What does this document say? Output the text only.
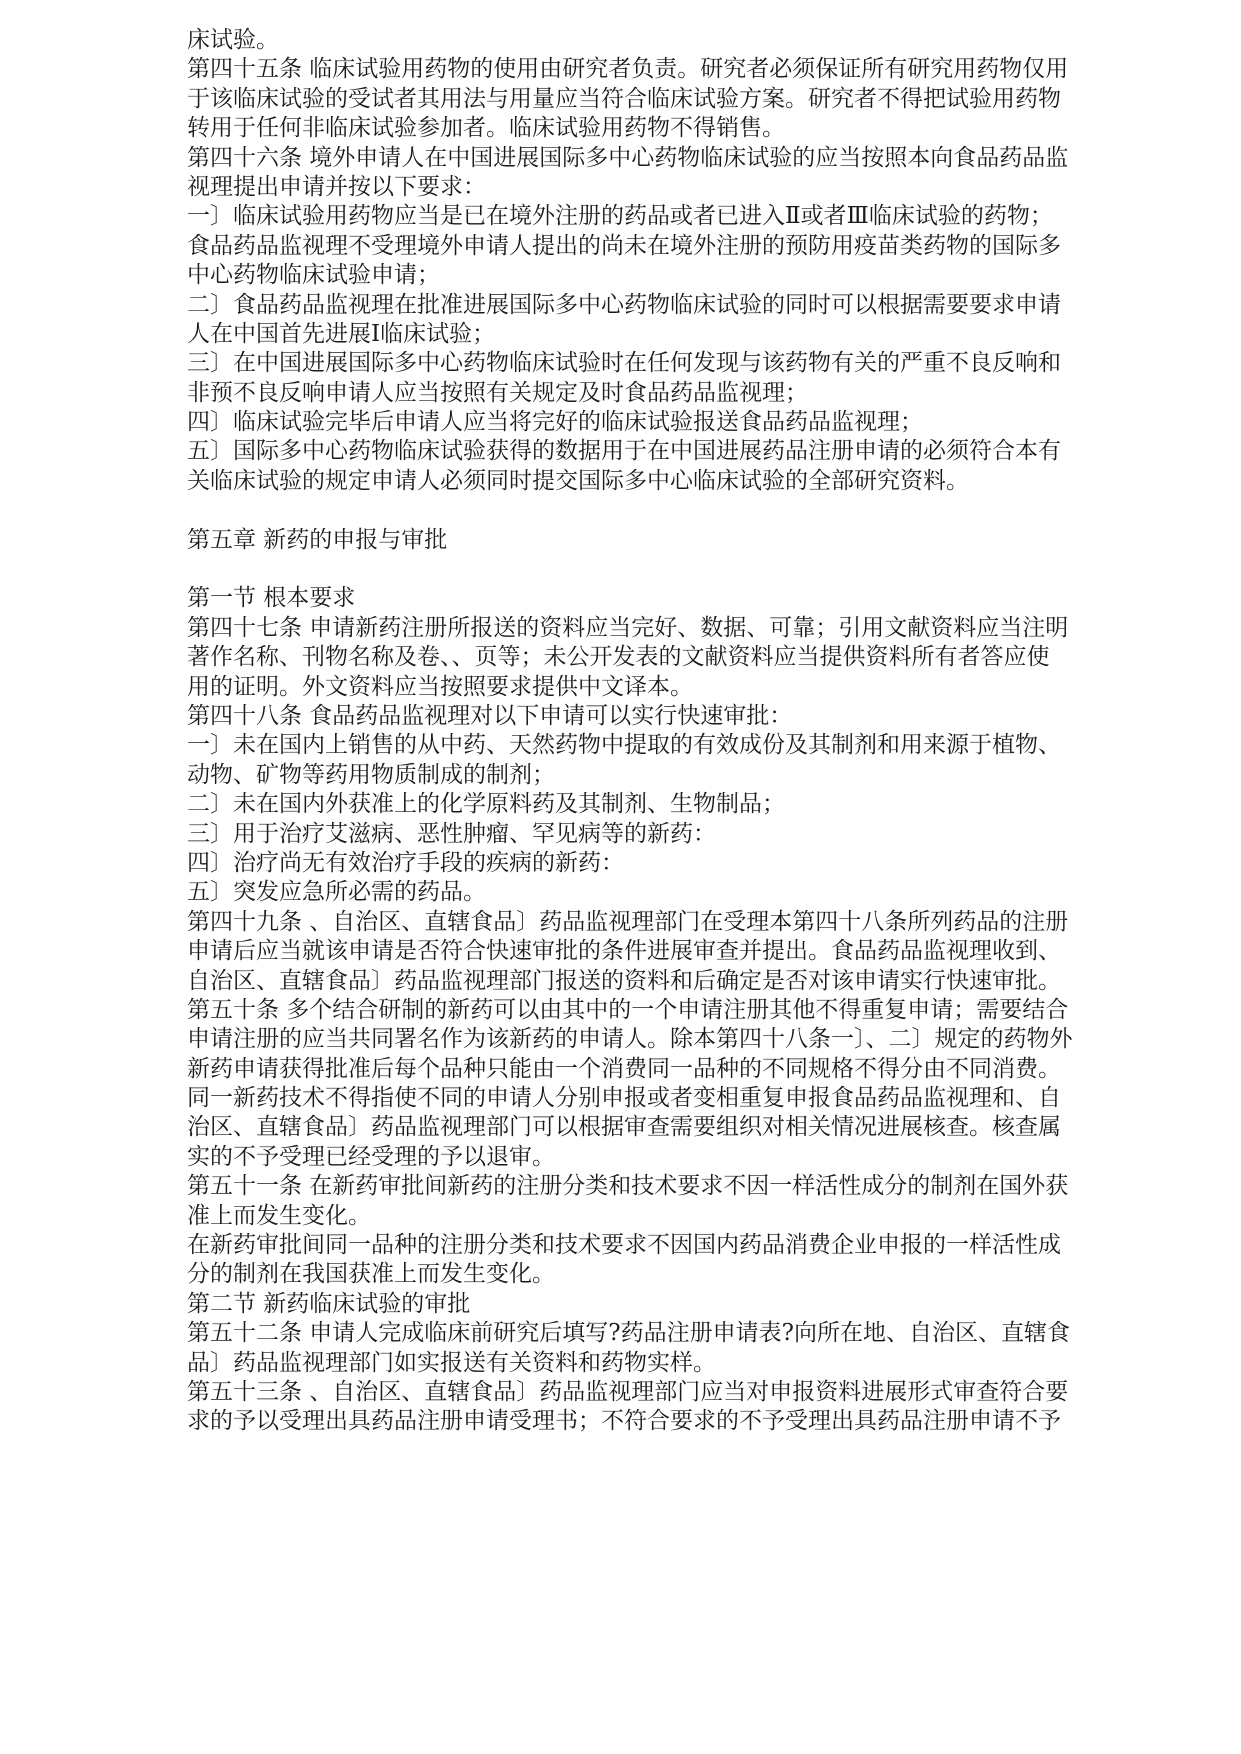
床试验。
第四十五条 临床试验用药物的使用由研究者负责。研究者必须保证所有研究用药物仅用
于该临床试验的受试者其用法与用量应当符合临床试验方案。研究者不得把试验用药物
转用于任何非临床试验参加者。临床试验用药物不得销售。
第四十六条 境外申请人在中国进展国际多中心药物临床试验的应当按照本向食品药品监
视理提出申请并按以下要求：
一〕临床试验用药物应当是已在境外注册的药品或者已进入Ⅱ或者Ⅲ临床试验的药物；
食品药品监视理不受理境外申请人提出的尚未在境外注册的预防用疫苗类药物的国际多
中心药物临床试验申请；
二〕食品药品监视理在批准进展国际多中心药物临床试验的同时可以根据需要要求申请
人在中国首先进展Ⅰ临床试验；
三〕在中国进展国际多中心药物临床试验时在任何发现与该药物有关的严重不良反响和
非预不良反响申请人应当按照有关规定及时食品药品监视理；
四〕临床试验完毕后申请人应当将完好的临床试验报送食品药品监视理；
五〕国际多中心药物临床试验获得的数据用于在中国进展药品注册申请的必须符合本有
关临床试验的规定申请人必须同时提交国际多中心临床试验的全部研究资料。
第五章 新药的申报与审批
第一节 根本要求
第四十七条 申请新药注册所报送的资料应当完好、数据、可靠；引用文献资料应当注明
著作名称、刊物名称及卷、、页等；未公开发表的文献资料应当提供资料所有者答应使
用的证明。外文资料应当按照要求提供中文译本。
第四十八条 食品药品监视理对以下申请可以实行快速审批：
一〕未在国内上销售的从中药、天然药物中提取的有效成份及其制剂和用来源于植物、
动物、矿物等药用物质制成的制剂；
二〕未在国内外获准上的化学原料药及其制剂、生物制品；
三〕用于治疗艾滋病、恶性肿瘤、罕见病等的新药：
四〕治疗尚无有效治疗手段的疾病的新药：
五〕突发应急所必需的药品。
第四十九条 、自治区、直辖食品〕药品监视理部门在受理本第四十八条所列药品的注册
申请后应当就该申请是否符合快速审批的条件进展审查并提出。食品药品监视理收到、
自治区、直辖食品〕药品监视理部门报送的资料和后确定是否对该申请实行快速审批。
第五十条 多个结合研制的新药可以由其中的一个申请注册其他不得重复申请；需要结合
申请注册的应当共同署名作为该新药的申请人。除本第四十八条一〕、二〕规定的药物外
新药申请获得批准后每个品种只能由一个消费同一品种的不同规格不得分由不同消费。
同一新药技术不得指使不同的申请人分别申报或者变相重复申报食品药品监视理和、自
治区、直辖食品〕药品监视理部门可以根据审查需要组织对相关情况进展核查。核查属
实的不予受理已经受理的予以退审。
第五十一条 在新药审批间新药的注册分类和技术要求不因一样活性成分的制剂在国外获
准上而发生变化。
在新药审批间同一品种的注册分类和技术要求不因国内药品消费企业申报的一样活性成
分的制剂在我国获准上而发生变化。
第二节 新药临床试验的审批
第五十二条 申请人完成临床前研究后填写?药品注册申请表?向所在地、自治区、直辖食
品〕药品监视理部门如实报送有关资料和药物实样。
第五十三条 、自治区、直辖食品〕药品监视理部门应当对申报资料进展形式审查符合要
求的予以受理出具药品注册申请受理书；不符合要求的不予受理出具药品注册申请不予
